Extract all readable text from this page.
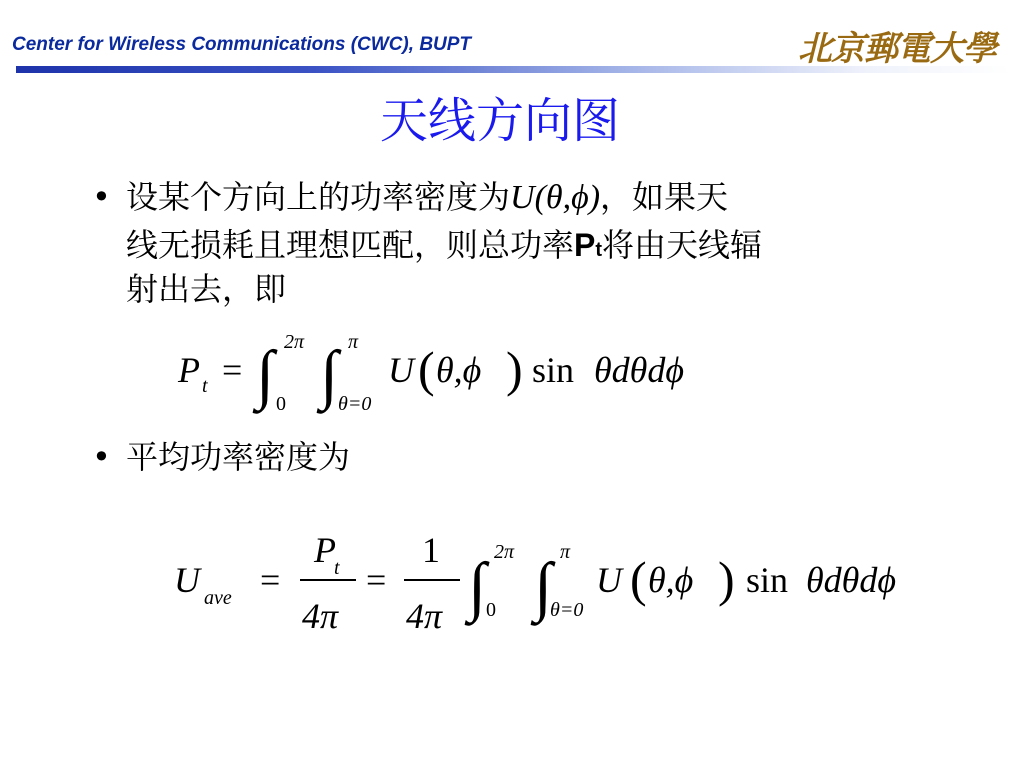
Center for Wireless Communications (CWC), BUPT	北京郵電大學
天线方向图
• 设某个方向上的功率密度为U(θ,ϕ)，如果天
线无损耗且理想匹配，则总功率Pt将由天线辐
射出去，即
P t = ∫ 2π
0 ∫ π
θ=0
U ( θ,ϕ ) sin θdθdϕ
• 平均功率密度为
U ave =
P
t
4π
=
1
4π ∫ 2π
0 ∫ π
θ=0
U ( θ,ϕ ) sin θdθdϕ
